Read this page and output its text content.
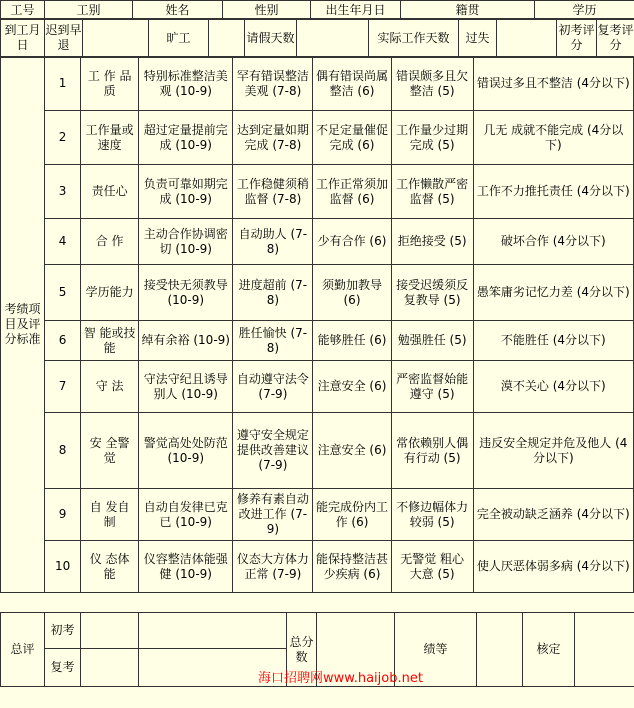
工号	工别	姓名	性别	出生年月日	籍贯	学历
到工月日	迟到早退		旷工		请假天数		实际工作天数	过失		初考评分	复考评分
考绩项目及评分标准	1	工 作 品 质	特别标准整洁美观 (10-9)	罕有错误整洁美观 (7-8)	偶有错误尚属整洁 (6)	错误颇多且欠整洁 (5)	错误过多且不整洁 (4分以下)
	2	工作量或速度	超过定量提前完成 (10-9)	达到定量如期完成 (7-8)	不足定量催促完成 (6)	工作量少过期完成 (5)	几无 成就不能完成 (4分以下)
	3	责任心	负责可靠如期完成 (10-9)	工作稳健须稍监督 (7-8)	工作正常须加监督 (6)	工作懒散严密监督 (5)	工作不力推托责任 (4分以下)
	4	合 作	主动合作协调密切 (10-9)	自动助人 (7-8)	少有合作 (6)	拒绝接受 (5)	破坏合作 (4分以下)
	5	学历能力	接受快无须教导 (10-9)	进度超前 (7-8)	须勤加教导 (6)	接受迟缓须反复教导 (5)	愚笨庸劣记忆力差 (4分以下)
	6	智 能或技能	绰有余裕 (10-9)	胜任愉快 (7-8)	能够胜任 (6)	勉强胜任 (5)	不能胜任 (4分以下)
	7	守 法	守法守纪且诱导别人 (10-9)	自动遵守法令 (7-9)	注意安全 (6)	严密监督始能遵守 (5)	漠不关心 (4分以下)
	8	安 全警 觉	警觉高处处防范 (10-9)	遵守安全规定提供改善建议 (7-9)	注意安全 (6)	常依赖别人偶有行动 (5)	违反安全规定并危及他人 (4分以下)
	9	自 发自 制	自动自发律已克已 (10-9)	修养有素自动改进工作 (7-9)	能完成份内工作 (6)	不修边幅体力较弱 (5)	完全被动缺乏涵养 (4分以下)
	10	仪 态体 能	仪容整洁体能强健 (10-9)	仪态大方体力正常 (7-9)	能保持整洁甚少疾病 (6)	无警觉 粗心 大意 (5)	使人厌恶体弱多病 (4分以下)
总评	初考			总分数		绩等		核定	
	复考								
海口招聘网www.haijob.net
